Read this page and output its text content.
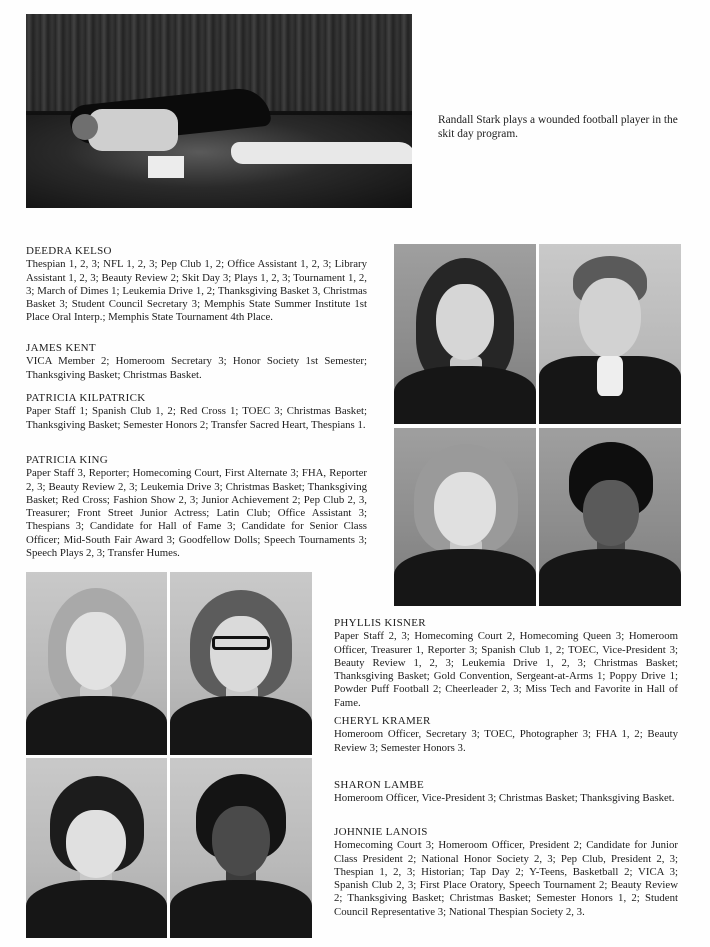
Randall Stark plays a wounded football player in the skit day program.
DEEDRA KELSO
Thespian 1, 2, 3; NFL 1, 2, 3; Pep Club 1, 2; Office Assistant 1, 2, 3; Library Assistant 1, 2, 3; Beauty Review 2; Skit Day 3; Plays 1, 2, 3; Tournament 1, 2, 3; March of Dimes 1; Leukemia Drive 1, 2; Thanksgiving Basket 3, Christmas Basket 3; Student Council Secretary 3; Memphis State Summer Institute 1st Place Oral Interp.; Memphis State Tournament 4th Place.
JAMES KENT
VICA Member 2; Homeroom Secretary 3; Honor Society 1st Semester; Thanksgiving Basket; Christmas Basket.
PATRICIA KILPATRICK
Paper Staff 1; Spanish Club 1, 2; Red Cross 1; TOEC 3; Christmas Basket; Thanksgiving Basket; Semester Honors 2; Transfer Sacred Heart, Thespians 1.
PATRICIA KING
Paper Staff 3, Reporter; Homecoming Court, First Alternate 3; FHA, Reporter 2, 3; Beauty Review 2, 3; Leukemia Drive 3; Christmas Basket; Thanksgiving Basket; Red Cross; Fashion Show 2, 3; Junior Achievement 2; Pep Club 2, 3, Treasurer; Front Street Junior Actress; Latin Club; Office Assistant 3; Thespians 3; Candidate for Hall of Fame 3; Candidate for Senior Class Officer; Mid-South Fair Award 3; Goodfellow Dolls; Speech Tournaments 3; Speech Plays 2, 3; Transfer Humes.
PHYLLIS KISNER
Paper Staff 2, 3; Homecoming Court 2, Homecoming Queen 3; Homeroom Officer, Treasurer 1, Reporter 3; Spanish Club 1, 2; TOEC, Vice-President 3; Beauty Review 1, 2, 3; Leukemia Drive 1, 2, 3; Christmas Basket; Thanksgiving Basket; Gold Convention, Sergeant-at-Arms 1; Poppy Drive 1; Powder Puff Football 2; Cheerleader 2, 3; Miss Tech and Favorite in Hall of Fame.
CHERYL KRAMER
Homeroom Officer, Secretary 3; TOEC, Photographer 3; FHA 1, 2; Beauty Review 3; Semester Honors 3.
SHARON LAMBE
Homeroom Officer, Vice-President 3; Christmas Basket; Thanksgiving Basket.
JOHNNIE LANOIS
Homecoming Court 3; Homeroom Officer, President 2; Candidate for Junior Class President 2; National Honor Society 2, 3; Pep Club, President 2, 3; Thespian 1, 2, 3; Historian; Tap Day 2; Y-Teens, Basketball 2; VICA 3; Spanish Club 2, 3; First Place Oratory, Speech Tournament 2; Beauty Review 2; Thanksgiving Basket; Christmas Basket; Semester Honors 1, 2; Student Council Representative 3; National Thespian Society 2, 3.
